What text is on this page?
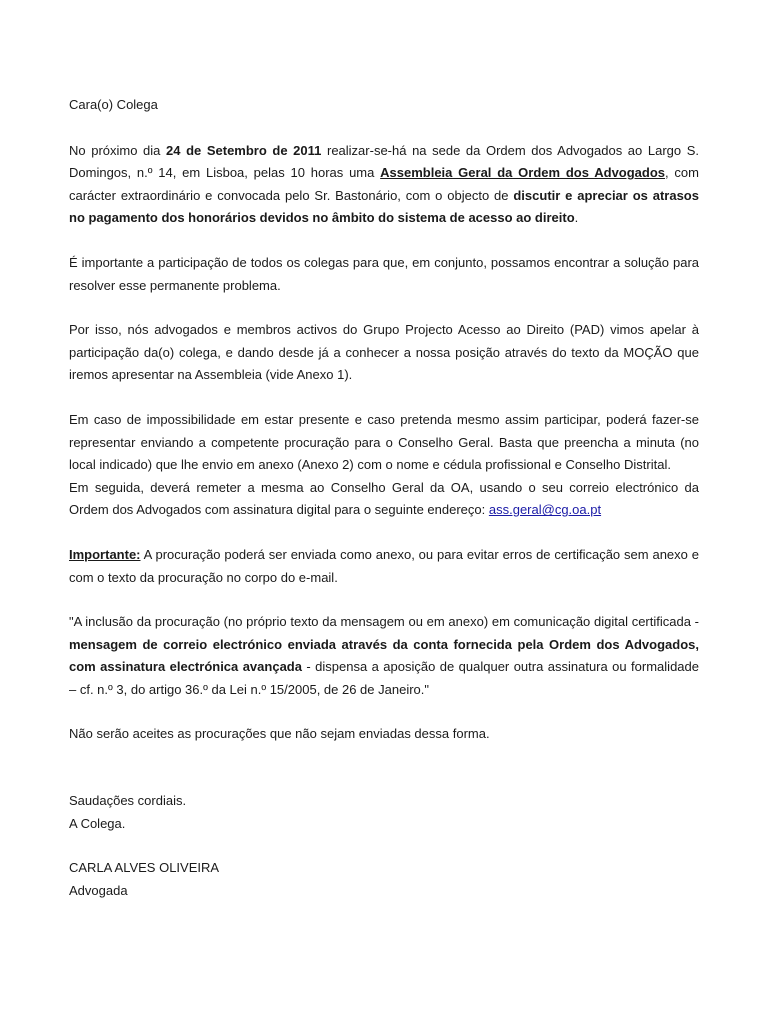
Cara(o) Colega

No próximo dia 24 de Setembro de 2011 realizar-se-há na sede da Ordem dos Advogados ao Largo S. Domingos, n.º 14, em Lisboa, pelas 10 horas uma Assembleia Geral da Ordem dos Advogados, com carácter extraordinário e convocada pelo Sr. Bastonário, com o objecto de discutir e apreciar os atrasos no pagamento dos honorários devidos no âmbito do sistema de acesso ao direito.

É importante a participação de todos os colegas para que, em conjunto, possamos encontrar a solução para resolver esse permanente problema.

Por isso, nós advogados e membros activos do Grupo Projecto Acesso ao Direito (PAD) vimos apelar à participação da(o) colega, e dando desde já a conhecer a nossa posição através do texto da MOÇÃO que iremos apresentar na Assembleia (vide Anexo 1).

Em caso de impossibilidade em estar presente e caso pretenda mesmo assim participar, poderá fazer-se representar enviando a competente procuração para o Conselho Geral. Basta que preencha a minuta (no local indicado) que lhe envio em anexo (Anexo 2) com o nome e cédula profissional e Conselho Distrital.

Em seguida, deverá remeter a mesma ao Conselho Geral da OA, usando o seu correio electrónico da Ordem dos Advogados com assinatura digital para o seguinte endereço: ass.geral@cg.oa.pt

Importante: A procuração poderá ser enviada como anexo, ou para evitar erros de certificação sem anexo e com o texto da procuração no corpo do e-mail.

"A inclusão da procuração (no próprio texto da mensagem ou em anexo) em comunicação digital certificada - mensagem de correio electrónico enviada através da conta fornecida pela Ordem dos Advogados, com assinatura electrónica avançada - dispensa a aposição de qualquer outra assinatura ou formalidade – cf. n.º 3, do artigo 36.º da Lei n.º 15/2005, de 26 de Janeiro."

Não serão aceites as procurações que não sejam enviadas dessa forma.

Saudações cordiais.

A Colega.

CARLA ALVES OLIVEIRA

Advogada
